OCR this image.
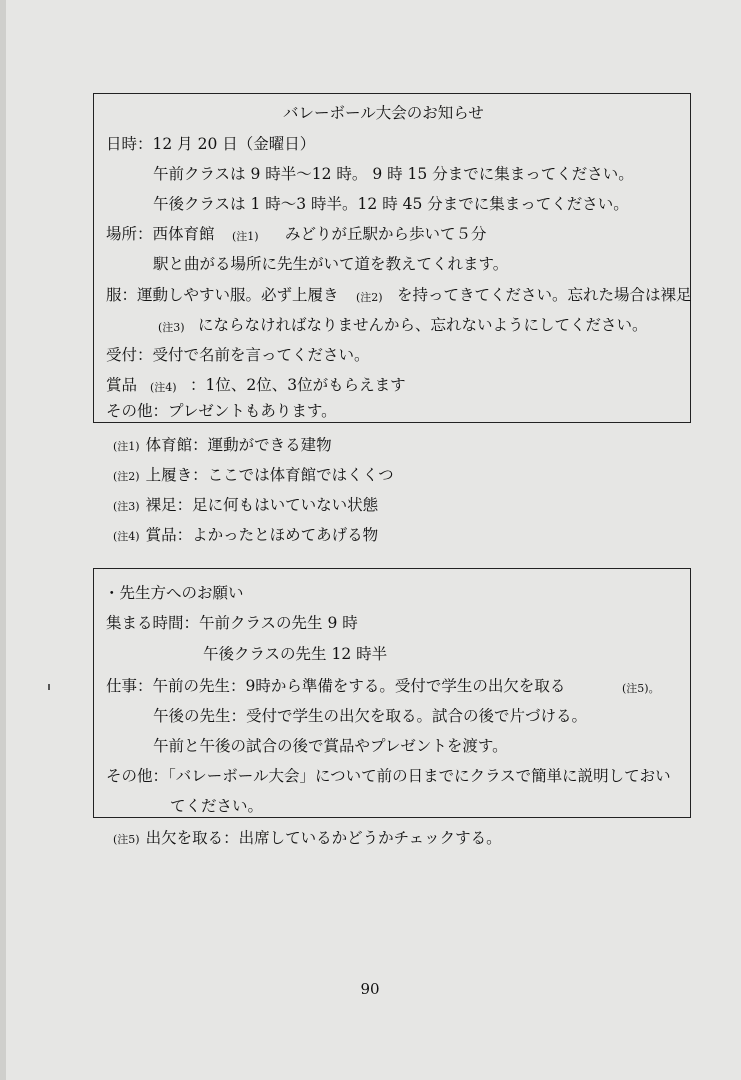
バレーボール大会のお知らせ
日時：12 月 20 日（金曜日）
午前クラスは 9 時半〜12 時。 9 時 15 分までに集まってください。
午後クラスは 1 時〜3 時半。12 時 45 分までに集まってください。
場所：西体育館 (注1) みどりが丘駅から歩いて５分
駅と曲がる場所に先生がいて道を教えてくれます。
服：運動しやすい服。必ず上履き (注2) を持ってきてください。忘れた場合は裸足
(注3) にならなければなりませんから、忘れないようにしてください。
受付：受付で名前を言ってください。
賞品 (注4) ：1位、2位、3位がもらえます
その他：プレゼントもあります。
(注1) 体育館：運動ができる建物
(注2) 上履き：ここでは体育館ではくくつ
(注3) 裸足：足に何もはいていない状態
(注4) 賞品：よかったとほめてあげる物
・先生方へのお願い
集まる時間：午前クラスの先生 9 時
午後クラスの先生 12 時半
仕事：午前の先生：9時から準備をする。受付で学生の出欠を取る	(注5)。
午後の先生：受付で学生の出欠を取る。試合の後で片づける。
午前と午後の試合の後で賞品やプレゼントを渡す。
その他：「バレーボール大会」について前の日までにクラスで簡単に説明しておい
てください。
(注5) 出欠を取る：出席しているかどうかチェックする。
90
